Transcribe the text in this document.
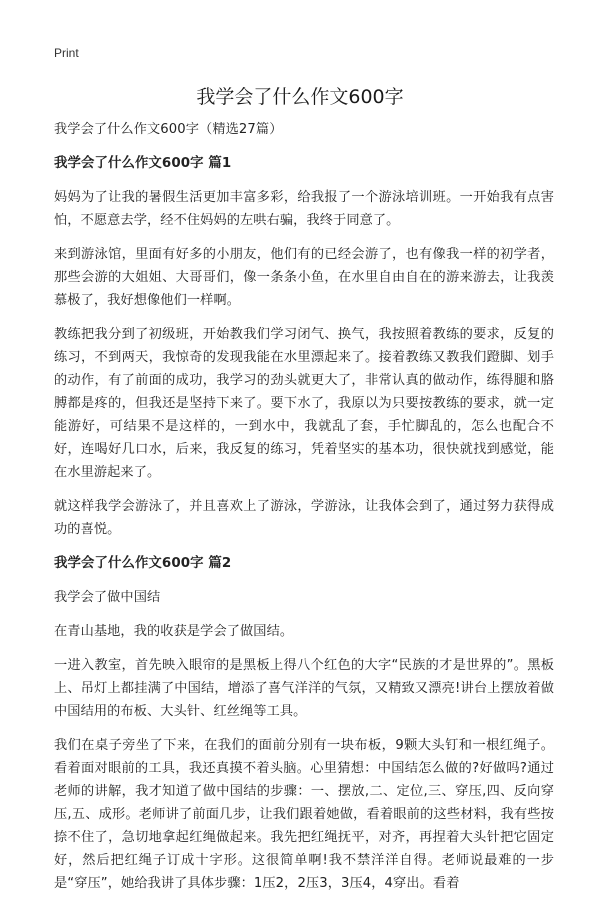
Print
我学会了什么作文600字

我学会了什么作文600字（精选27篇）

我学会了什么作文600字 篇1

妈妈为了让我的暑假生活更加丰富多彩，给我报了一个游泳培训班。一开始我有点害怕，不愿意去学，经不住妈妈的左哄右骗，我终于同意了。

来到游泳馆，里面有好多的小朋友，他们有的已经会游了，也有像我一样的初学者，那些会游的大姐姐、大哥哥们，像一条条小鱼，在水里自由自在的游来游去，让我羡慕极了，我好想像他们一样啊。

教练把我分到了初级班，开始教我们学习闭气、换气，我按照着教练的要求，反复的练习，不到两天，我惊奇的发现我能在水里漂起来了。接着教练又教我们蹬脚、划手的动作，有了前面的成功，我学习的劲头就更大了，非常认真的做动作，练得腿和胳膊都是疼的，但我还是坚持下来了。要下水了，我原以为只要按教练的要求，就一定能游好，可结果不是这样的，一到水中，我就乱了套，手忙脚乱的，怎么也配合不好，连喝好几口水，后来，我反复的练习，凭着坚实的基本功，很快就找到感觉，能在水里游起来了。

就这样我学会游泳了，并且喜欢上了游泳，学游泳，让我体会到了，通过努力获得成功的喜悦。

我学会了什么作文600字 篇2

我学会了做中国结

在青山基地，我的收获是学会了做国结。

一进入教室，首先映入眼帘的是黑板上得八个红色的大字“民族的才是世界的”。黑板上、吊灯上都挂满了中国结，增添了喜气洋洋的气氛，又精致又漂亮!讲台上摆放着做中国结用的布板、大头针、红丝绳等工具。

我们在桌子旁坐了下来，在我们的面前分别有一块布板，9颗大头钉和一根红绳子。看着面对眼前的工具，我还真摸不着头脑。心里猜想：中国结怎么做的?好做吗?通过老师的讲解，我才知道了做中国结的步骤：一、摆放,二、定位,三、穿压,四、反向穿压,五、成形。老师讲了前面几步，让我们跟着她做，看着眼前的这些材料，我有些按捺不住了，急切地拿起红绳做起来。我先把红绳抚平，对齐，再捏着大头针把它固定好，然后把红绳子订成十字形。这很简单啊!我不禁洋洋自得。老师说最难的一步是“穿压”，她给我讲了具体步骤：1压2，2压3，3压4，4穿出。看着
